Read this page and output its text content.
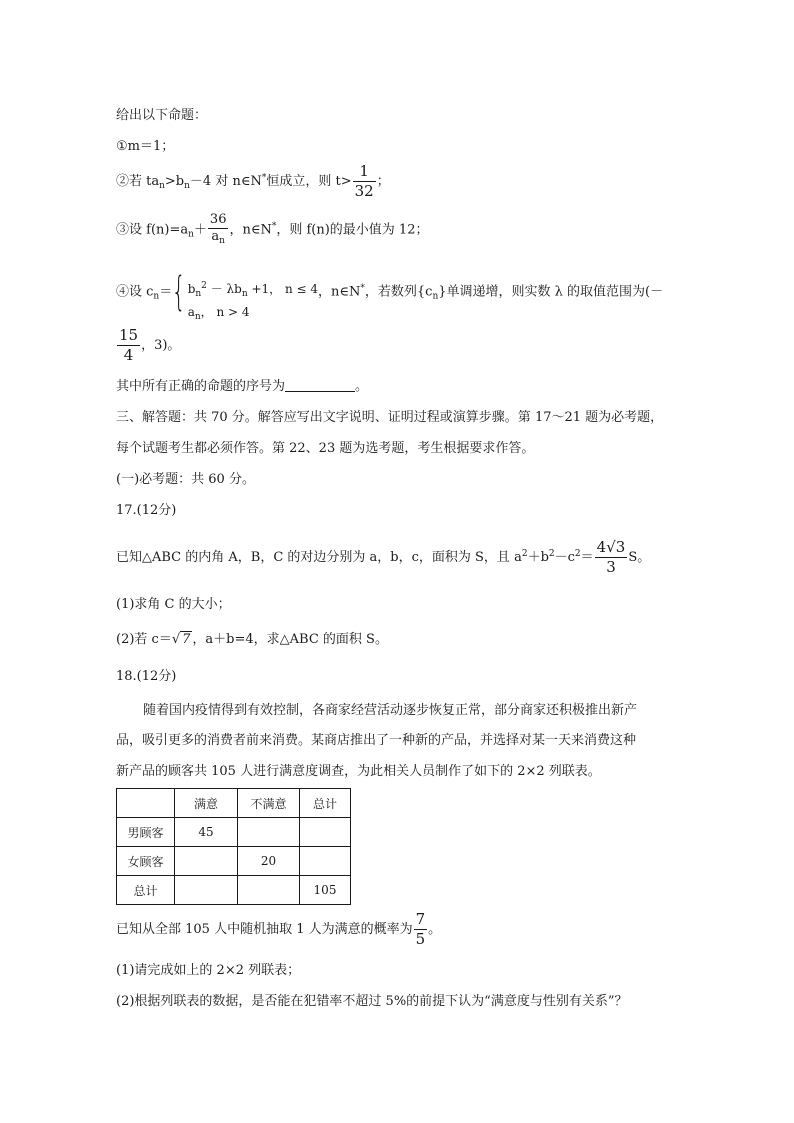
给出以下命题：
①m＝1；
②若 $ta_n>b_n-4$ 对 n∈N*恒成立，则 $t> \frac{1}{32}$ ；
③设 $f(n)=a_n+ \frac{36}{a_n}$ ，n∈N*，则 f(n)的最小值为 12；
④设 $c_n=${ $b_n^2 - \lambda b_n +1$， n ≤ 4
$a_n$， n > 4
，n∈N*，若数列$\{c_n\}$单调递增，则实数 λ 的取值范围为(－
$\frac{15}{4}$ ，3)。
其中所有正确的命题的序号为	。
三、解答题：共 70 分。解答应写出文字说明、证明过程或演算步骤。第 17～21 题为必考题，
每个试题考生都必须作答。第 22、23 题为选考题，考生根据要求作答。
(一)必考题：共 60 分。
17.(12分)
已知△ABC 的内角 A，B，C 的对边分别为 a，b，c，面积为 S，且 $a^2+b^2-c^2= \frac{4√3}{3}$ S。
(1)求角 C 的大小；
(2)若 c＝√ 7 ，a＋b=4，求△ABC 的面积 S。
18.(12分)
随着国内疫情得到有效控制，各商家经营活动逐步恢复正常，部分商家还积极推出新产
品，吸引更多的消费者前来消费。某商店推出了一种新的产品，并选择对某一天来消费这种
新产品的顾客共 105 人进行满意度调查，为此相关人员制作了如下的 2×2 列联表。
	满意	不满意	总计
男顾客	45		
女顾客		20	
总计			105
已知从全部 105 人中随机抽取 1 人为满意的概率为 $\frac{7}{5}$ 。
(1)请完成如上的 2×2 列联表；
(2)根据列联表的数据，是否能在犯错率不超过 5%的前提下认为“满意度与性别有关系”？
